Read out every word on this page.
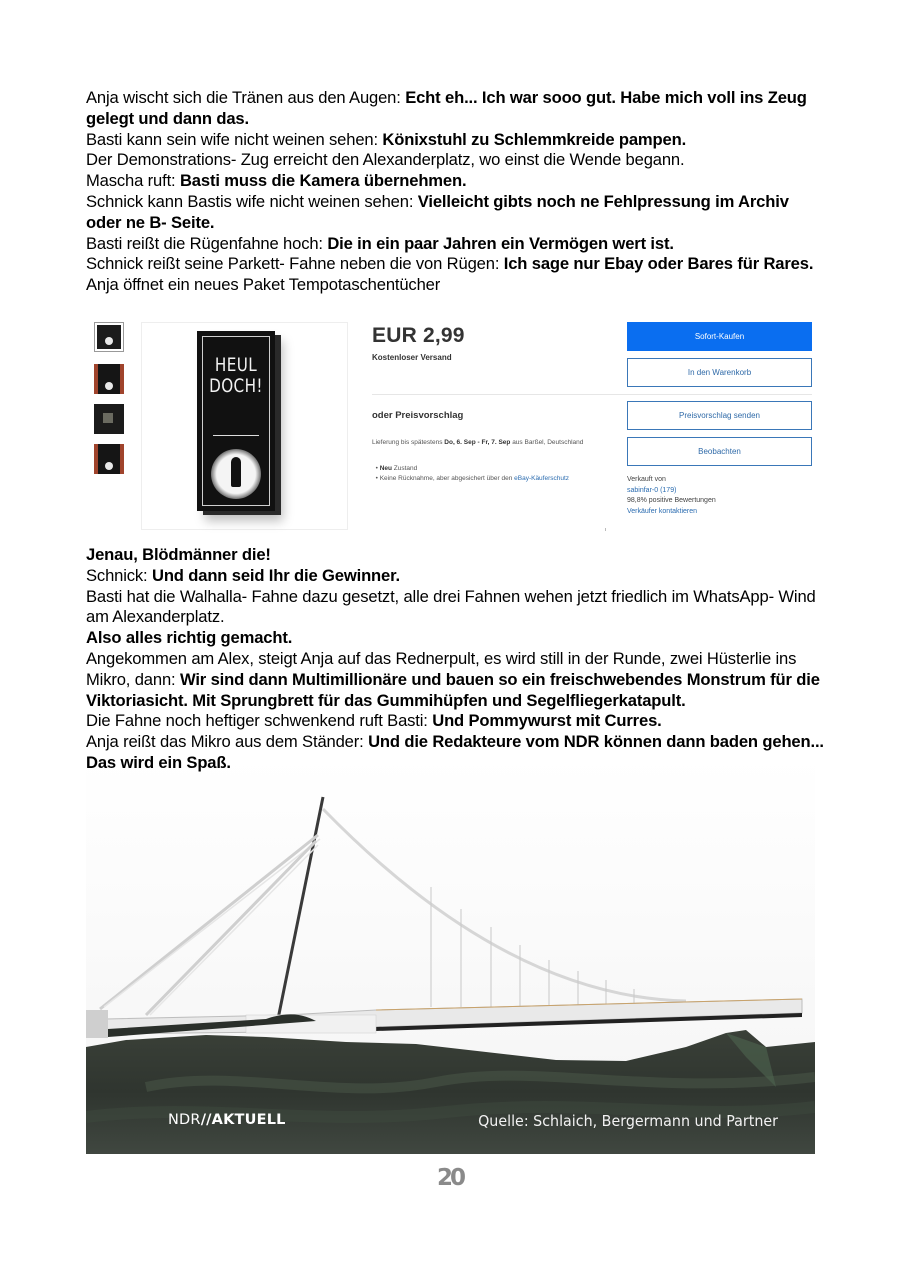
Anja wischt sich die Tränen aus den Augen: Echt eh... Ich war sooo gut. Habe mich voll ins Zeug gelegt und dann das.

Basti kann sein wife nicht weinen sehen: Könixstuhl zu Schlemmkreide pampen.

Der Demonstrations- Zug erreicht den Alexanderplatz, wo einst die Wende begann.

Mascha ruft: Basti muss die Kamera übernehmen.

Schnick kann Bastis wife nicht weinen sehen: Vielleicht gibts noch ne Fehlpressung im Archiv oder ne B- Seite.

Basti reißt die Rügenfahne hoch: Die in ein paar Jahren ein Vermögen wert ist.

Schnick reißt seine Parkett- Fahne neben die von Rügen: Ich sage nur Ebay oder Bares für Rares.

Anja öffnet ein neues Paket Tempotaschentücher

HEUL
DOCH!
EUR 2,99
Kostenloser Versand
oder Preisvorschlag
Lieferung bis spätestens Do, 6. Sep - Fr, 7. Sep aus Barßel, Deutschland
• Neu Zustand
• Keine Rücknahme, aber abgesichert über den eBay-Käuferschutz
Sofort-Kaufen
In den Warenkorb
Preisvorschlag senden
Beobachten
Verkauft von
sabinfar-0 (179)
98,8% positive Bewertungen
Verkäufer kontaktieren
NDR//AKTUELL	Quelle: Schlaich, Bergermann und Partner

Jenau, Blödmänner die!

Schnick: Und dann seid Ihr die Gewinner.

Basti hat die Walhalla- Fahne dazu gesetzt, alle drei Fahnen wehen jetzt friedlich im WhatsApp- Wind am Alexanderplatz.

Also alles richtig gemacht.

Angekommen am Alex, steigt Anja auf das Rednerpult, es wird still in der Runde, zwei Hüsterlie ins Mikro, dann: Wir sind dann Multimillionäre und bauen so ein freischwebendes Monstrum für die Viktoriasicht. Mit Sprungbrett für das Gummihüpfen und Segelfliegerkatapult.

Die Fahne noch heftiger schwenkend ruft Basti: Und Pommywurst mit Curres.

Anja reißt das Mikro aus dem Ständer: Und die Redakteure vom NDR können dann baden gehen...

Das wird ein Spaß.

20
